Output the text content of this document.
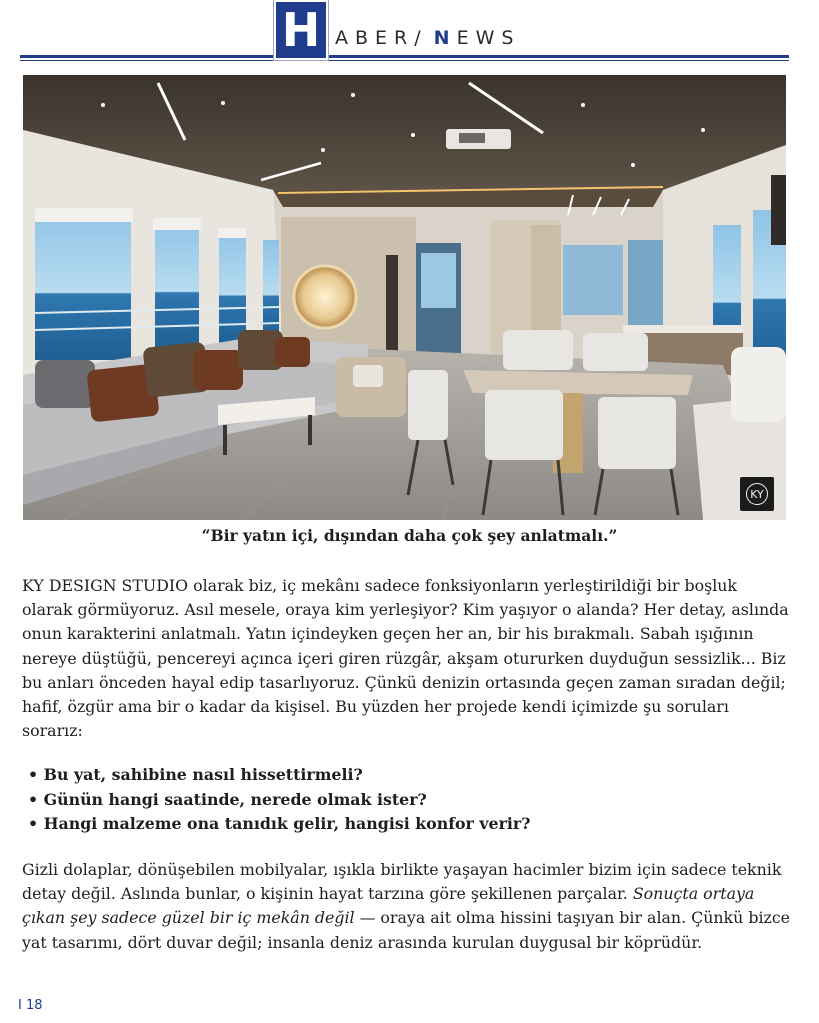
H ABER / N EWS
KY
“Bir yatın içi, dışından daha çok şey anlatmalı.”

KY DESIGN STUDIO olarak biz, iç mekânı sadece fonksiyonların yerleştirildiği bir boşluk olarak görmüyoruz. Asıl mesele, oraya kim yerleşiyor? Kim yaşıyor o alanda? Her detay, aslında onun karakterini anlatmalı. Yatın içindeyken geçen her an, bir his bırakmalı. Sabah ışığının nereye düştüğü, pencereyi açınca içeri giren rüzgâr, akşam otururken duyduğun sessizlik... Biz bu anları önceden hayal edip tasarlıyoruz. Çünkü denizin ortasında geçen zaman sıradan değil; hafif, özgür ama bir o kadar da kişisel. Bu yüzden her projede kendi içimizde şu soruları sorarız:

• Bu yat, sahibine nasıl hissettirmeli?
• Günün hangi saatinde, nerede olmak ister?
• Hangi malzeme ona tanıdık gelir, hangisi konfor verir?

Gizli dolaplar, dönüşebilen mobilyalar, ışıkla birlikte yaşayan hacimler bizim için sadece teknik detay değil. Aslında bunlar, o kişinin hayat tarzına göre şekillenen parçalar. Sonuçta ortaya çıkan şey sadece güzel bir iç mekân değil — oraya ait olma hissini taşıyan bir alan. Çünkü bizce yat tasarımı, dört duvar değil; insanla deniz arasında kurulan duygusal bir köprüdür.

I 18
